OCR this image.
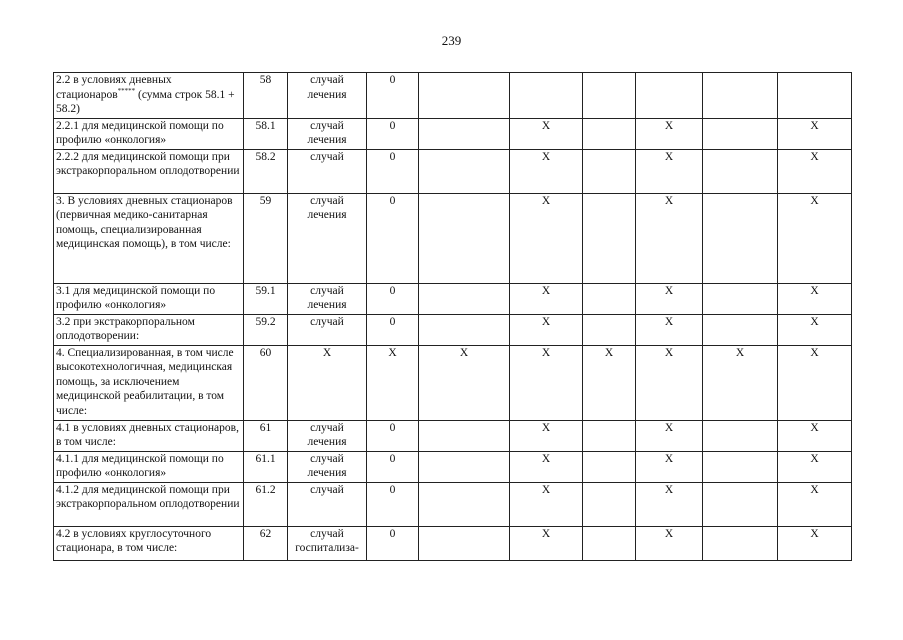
239
2.2 в условиях дневных стационаров***** (сумма строк 58.1 + 58.2)	58	случай лечения	0							
2.2.1 для медицинской помощи по профилю «онкология»	58.1	случай лечения	0		X		X		X	
2.2.2 для медицинской помощи при экстракорпоральном оплодотворении	58.2	случай	0		X		X		X	
3. В условиях дневных стационаров (первичная медико-санитарная помощь, специализированная медицинская помощь), в том числе:	59	случай лечения	0		X		X		X	
3.1 для медицинской помощи по профилю «онкология»	59.1	случай лечения	0		X		X		X	
3.2 при экстракорпоральном оплодотворении:	59.2	случай	0		X		X		X	
4. Специализированная, в том числе высокотехнологичная, медицинская помощь, за исключением медицинской реабилитации, в том числе:	60	X	X	X	X	X	X	X	X	
4.1 в условиях дневных стационаров, в том числе:	61	случай лечения	0		X		X		X	
4.1.1 для медицинской помощи по профилю «онкология»	61.1	случай лечения	0		X		X		X	
4.1.2 для медицинской помощи при экстракорпоральном оплодотворении	61.2	случай	0		X		X		X	
4.2 в условиях круглосуточного стационара, в том числе:	62	случай госпитализа-	0		X		X		X	
